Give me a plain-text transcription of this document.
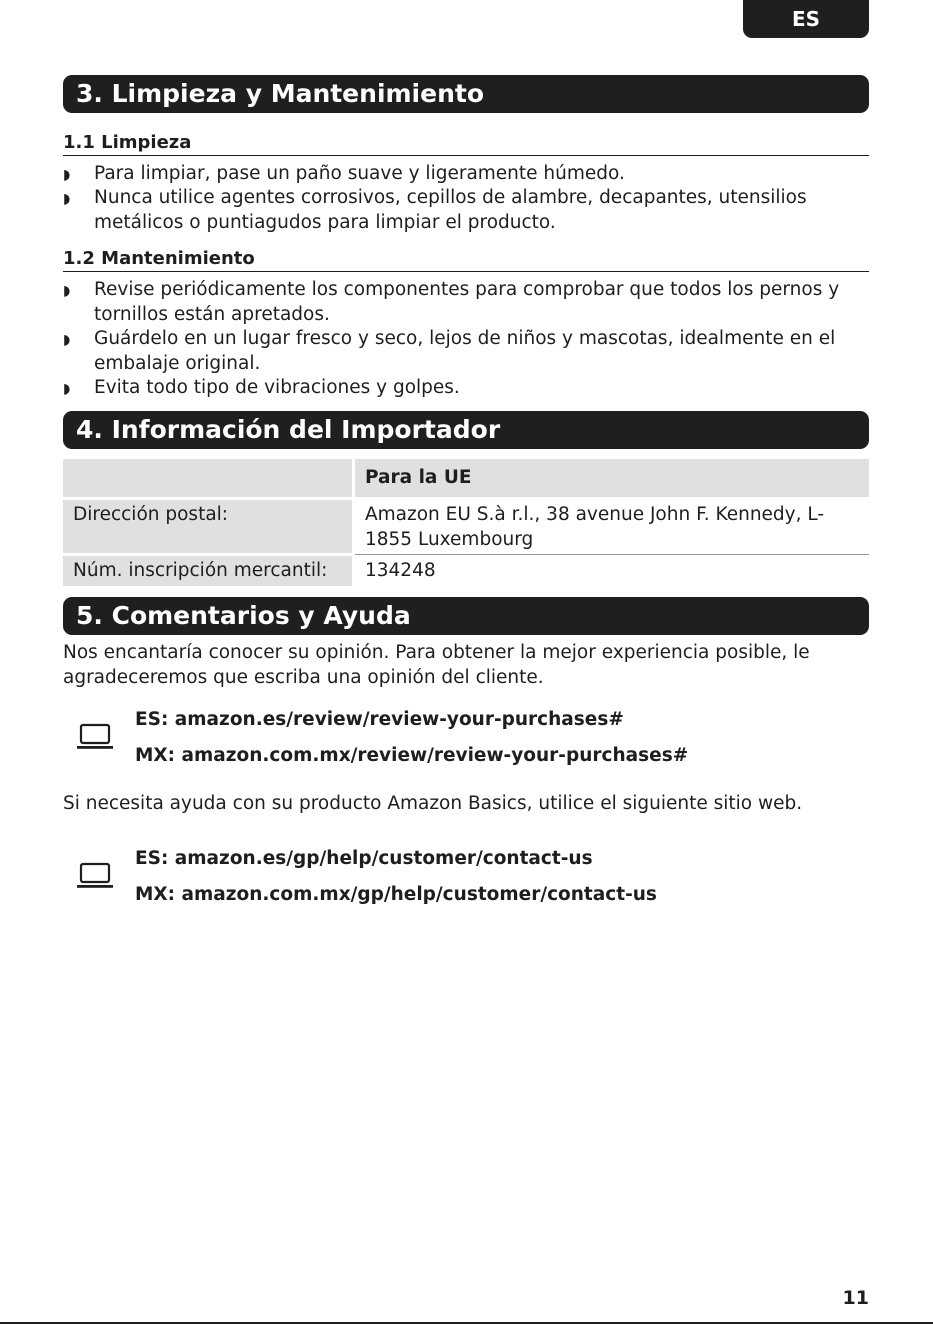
ES
3. Limpieza y Mantenimiento
1.1 Limpieza
◗ Para limpiar, pase un paño suave y ligeramente húmedo.
◗ Nunca utilice agentes corrosivos, cepillos de alambre, decapantes, utensilios metálicos o puntiagudos para limpiar el producto.
1.2 Mantenimiento
◗ Revise periódicamente los componentes para comprobar que todos los pernos y tornillos están apretados.
◗ Guárdelo en un lugar fresco y seco, lejos de niños y mascotas, idealmente en el embalaje original.
◗ Evita todo tipo de vibraciones y golpes.
4. Información del Importador
Para la UE
Dirección postal:	Amazon EU S.à r.l., 38 avenue John F. Kennedy, L-1855 Luxembourg
Núm. inscripción mercantil:	134248
5. Comentarios y Ayuda
Nos encantaría conocer su opinión. Para obtener la mejor experiencia posible, le agradeceremos que escriba una opinión del cliente.
ES: amazon.es/review/review-your-purchases#
MX: amazon.com.mx/review/review-your-purchases#
Si necesita ayuda con su producto Amazon Basics, utilice el siguiente sitio web.
ES: amazon.es/gp/help/customer/contact-us
MX: amazon.com.mx/gp/help/customer/contact-us
11
